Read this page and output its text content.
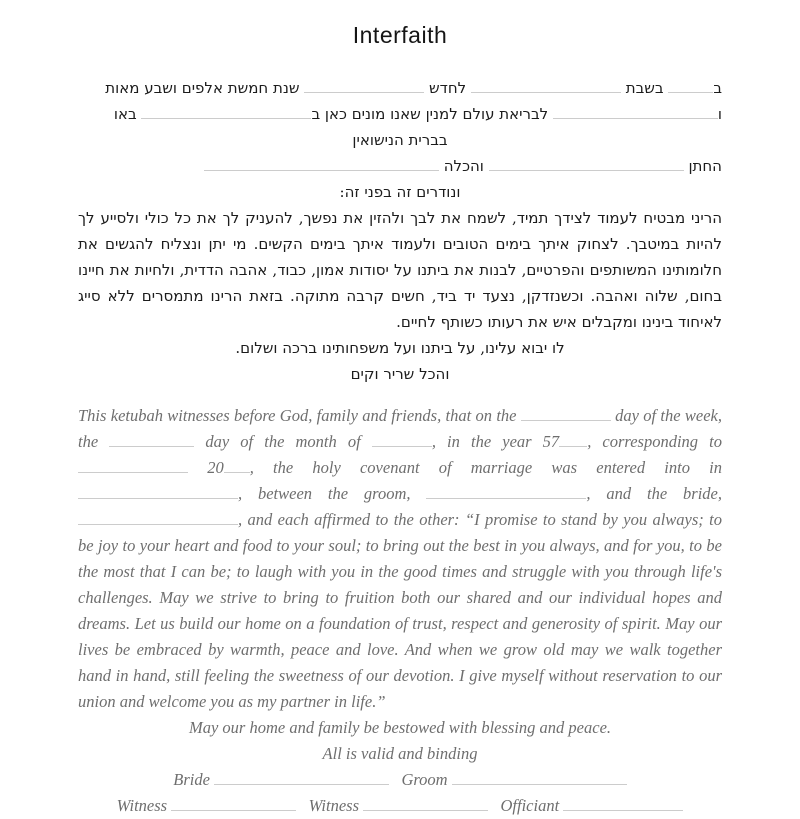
Interfaith

ב בשבת  לחדש  שנת חמשת אלפים ושבע מאות

ו לבריאת עולם למנין שאנו מונים כאן ב באו

בברית הנישואין

החתן  והכלה

ונודרים זה בפני זה:

הריני מבטיח לעמוד לצידך תמיד, לשמח את לבך ולהזין את נפשך, להעניק לך את כל כולי ולסייע לך להיות במיטבך. לצחוק איתך בימים הטובים ולעמוד איתך בימים הקשים. מי יתן ונצליח להגשים את חלומותינו המשותפים והפרטיים, לבנות את ביתנו על יסודות אמון, כבוד, אהבה הדדית, ולחיות את חיינו בחום, שלוה ואהבה. וכשנזדקן, נצעד יד ביד, חשים קרבה מתוקה. בזאת הרינו מתמסרים ללא סייג לאיחוד בינינו ומקבלים איש את רעותו כשותף לחיים.

לו יבוא עלינו, על ביתנו ועל משפחותינו ברכה ושלום.

והכל שריר וקים

This ketubah witnesses before God, family and friends, that on the	day of the week, the	day of the month of	, in the year 57 , corresponding to  20 , the holy covenant of marriage was entered into in , between the groom,	, and the bride, , and each affirmed to the other: “I promise to stand by you always; to be joy to your heart and food to your soul; to bring out the best in you always, and for you, to be the most that I can be; to laugh with you in the good times and struggle with you through life's challenges. May we strive to bring to fruition both our shared and our individual hopes and dreams. Let us build our home on a foundation of trust, respect and generosity of spirit. May our lives be embraced by warmth, peace and love. And when we grow old may we walk together hand in hand, still feeling the sweetness of our devotion. I give myself without reservation to our union and welcome you as my partner in life.”

May our home and family be bestowed with blessing and peace.

All is valid and binding

Bride	Groom

Witness	Witness	Officiant
